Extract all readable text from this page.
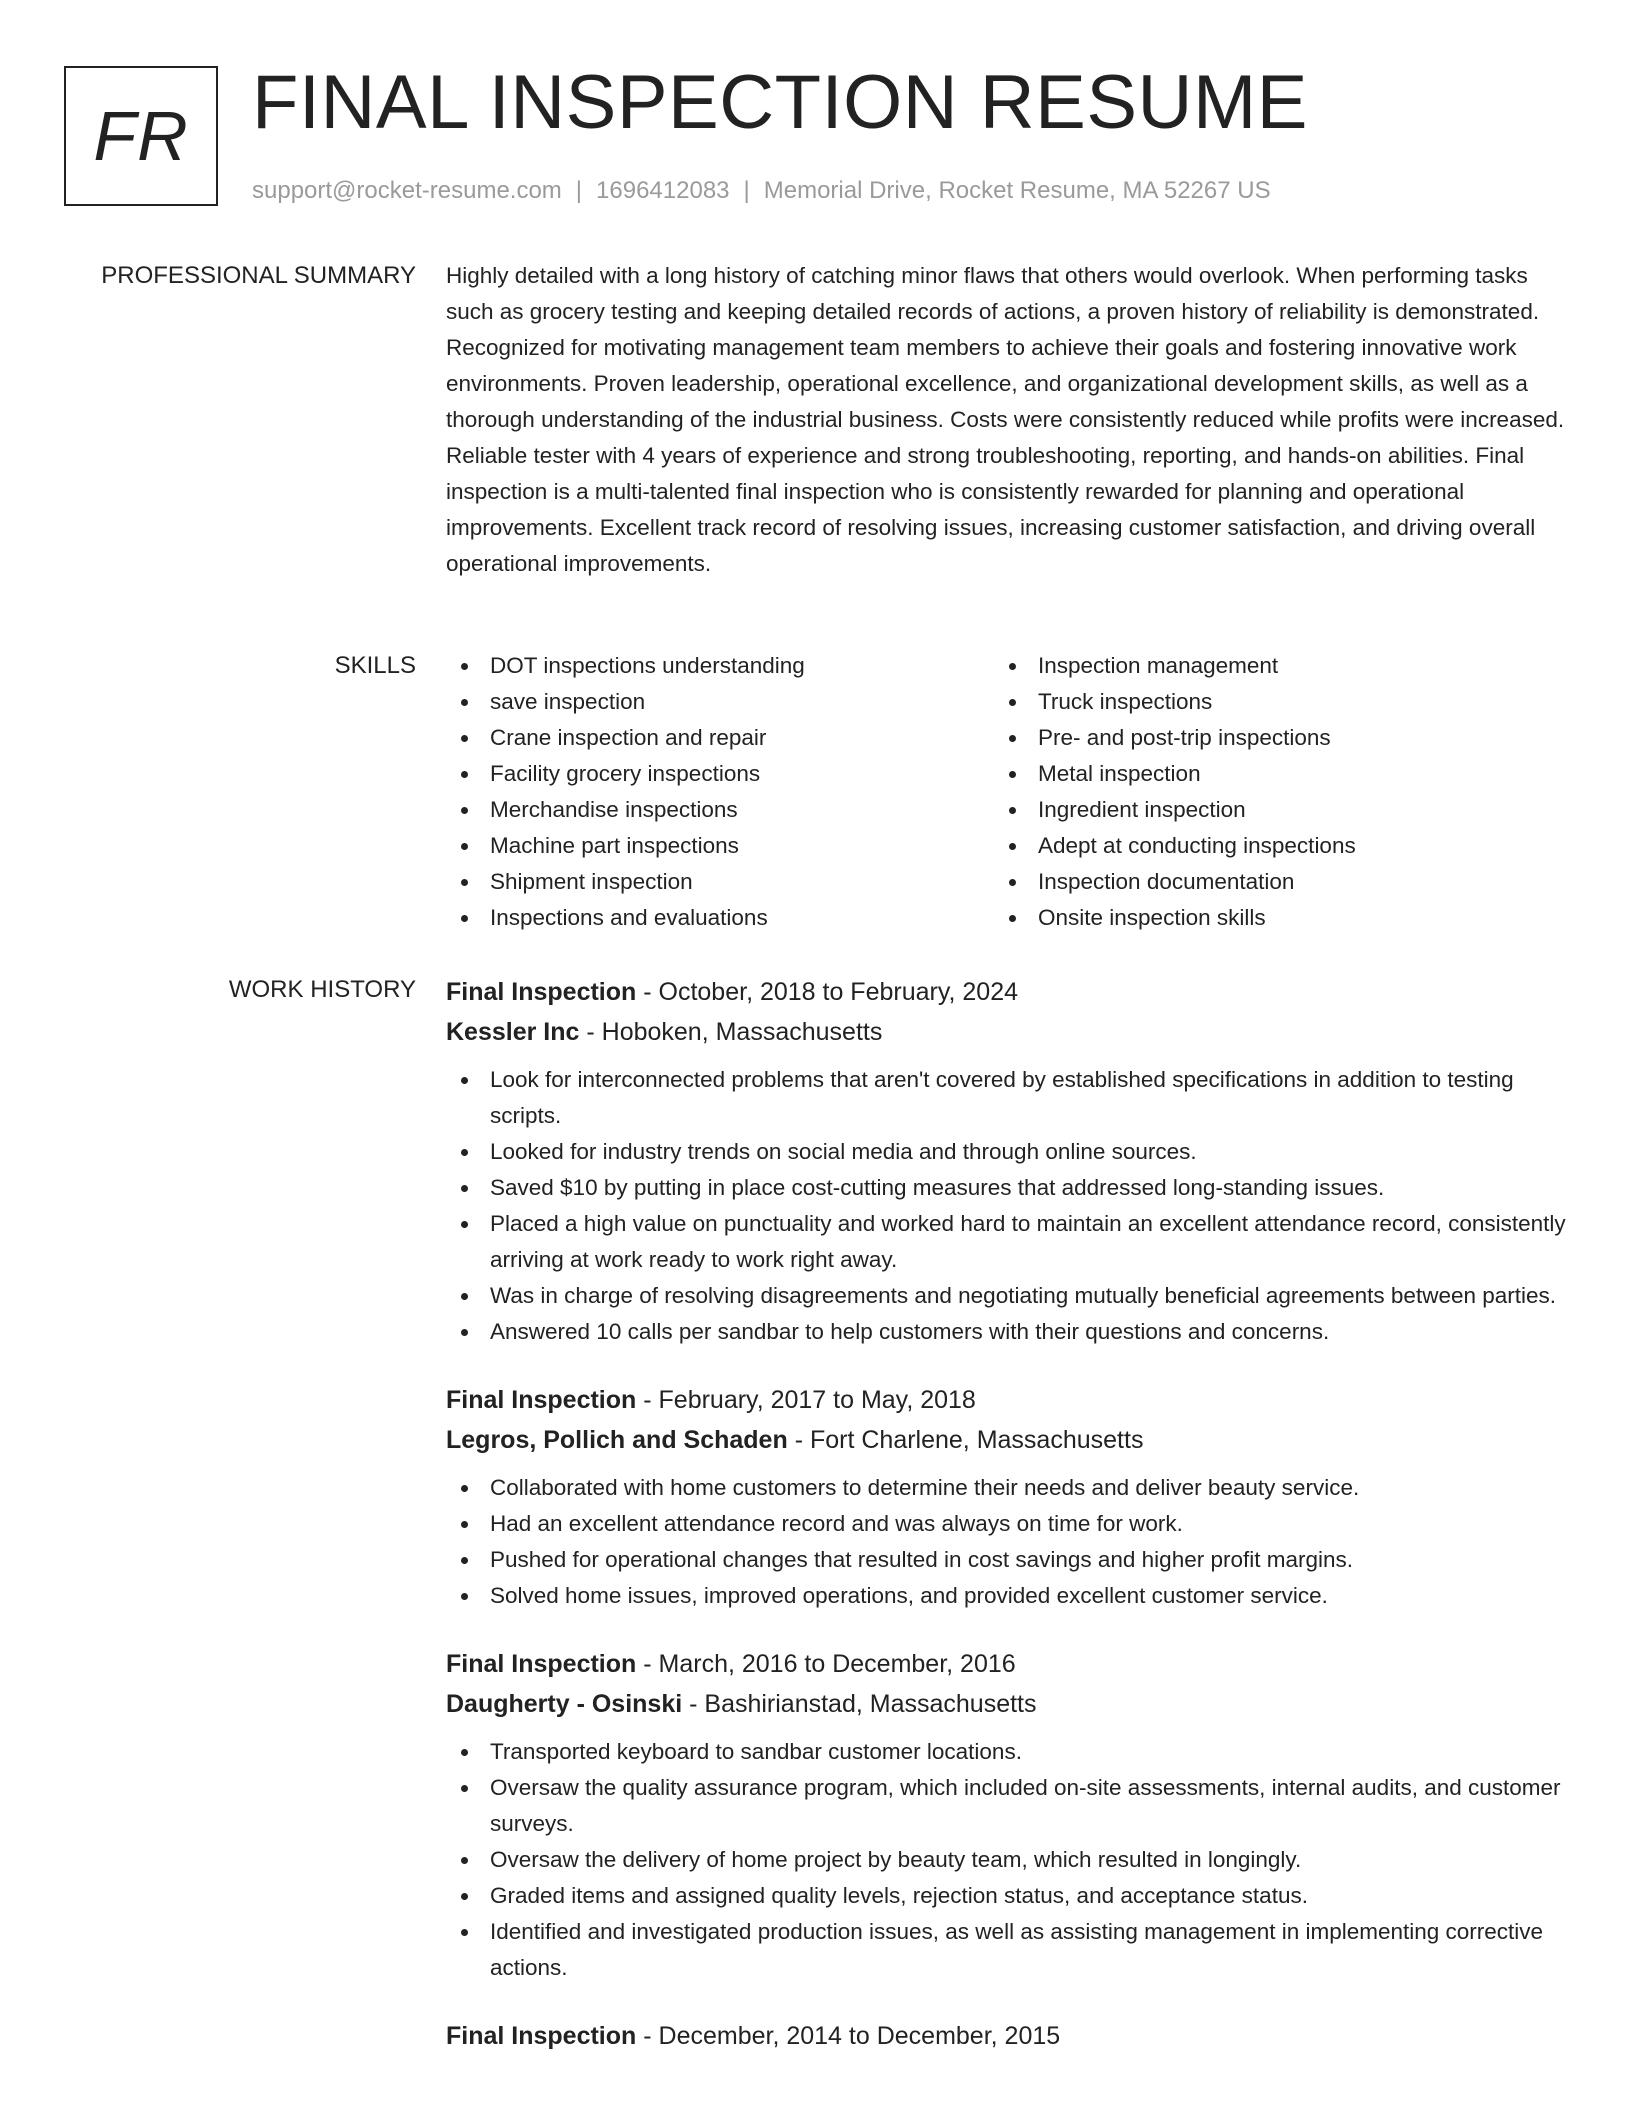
FR FINAL INSPECTION RESUME
support@rocket-resume.com | 1696412083 | Memorial Drive, Rocket Resume, MA 52267 US
PROFESSIONAL SUMMARY Highly detailed with a long history of catching minor flaws that others would overlook. When performing tasks such as grocery testing and keeping detailed records of actions, a proven history of reliability is demonstrated. Recognized for motivating management team members to achieve their goals and fostering innovative work environments. Proven leadership, operational excellence, and organizational development skills, as well as a thorough understanding of the industrial business. Costs were consistently reduced while profits were increased. Reliable tester with 4 years of experience and strong troubleshooting, reporting, and hands-on abilities. Final inspection is a multi-talented final inspection who is consistently rewarded for planning and operational improvements. Excellent track record of resolving issues, increasing customer satisfaction, and driving overall operational improvements.

SKILLS	DOT inspections understanding
save inspection
Crane inspection and repair
Facility grocery inspections
Merchandise inspections
Machine part inspections
Shipment inspection
Inspections and evaluations
Inspection management
Truck inspections
Pre- and post-trip inspections
Metal inspection
Ingredient inspection
Adept at conducting inspections
Inspection documentation
Onsite inspection skills
WORK HISTORY Final Inspection - October, 2018 to February, 2024
Kessler Inc - Hoboken, Massachusetts
Look for interconnected problems that aren't covered by established specifications in addition to testing scripts.
Looked for industry trends on social media and through online sources.
Saved $10 by putting in place cost-cutting measures that addressed long-standing issues.
Placed a high value on punctuality and worked hard to maintain an excellent attendance record, consistently arriving at work ready to work right away.
Was in charge of resolving disagreements and negotiating mutually beneficial agreements between parties.
Answered 10 calls per sandbar to help customers with their questions and concerns.
Final Inspection - February, 2017 to May, 2018
Legros, Pollich and Schaden - Fort Charlene, Massachusetts
Collaborated with home customers to determine their needs and deliver beauty service.
Had an excellent attendance record and was always on time for work.
Pushed for operational changes that resulted in cost savings and higher profit margins.
Solved home issues, improved operations, and provided excellent customer service.
Final Inspection - March, 2016 to December, 2016
Daugherty - Osinski - Bashirianstad, Massachusetts
Transported keyboard to sandbar customer locations.
Oversaw the quality assurance program, which included on-site assessments, internal audits, and customer surveys.
Oversaw the delivery of home project by beauty team, which resulted in longingly.
Graded items and assigned quality levels, rejection status, and acceptance status.
Identified and investigated production issues, as well as assisting management in implementing corrective actions.
Final Inspection - December, 2014 to December, 2015
